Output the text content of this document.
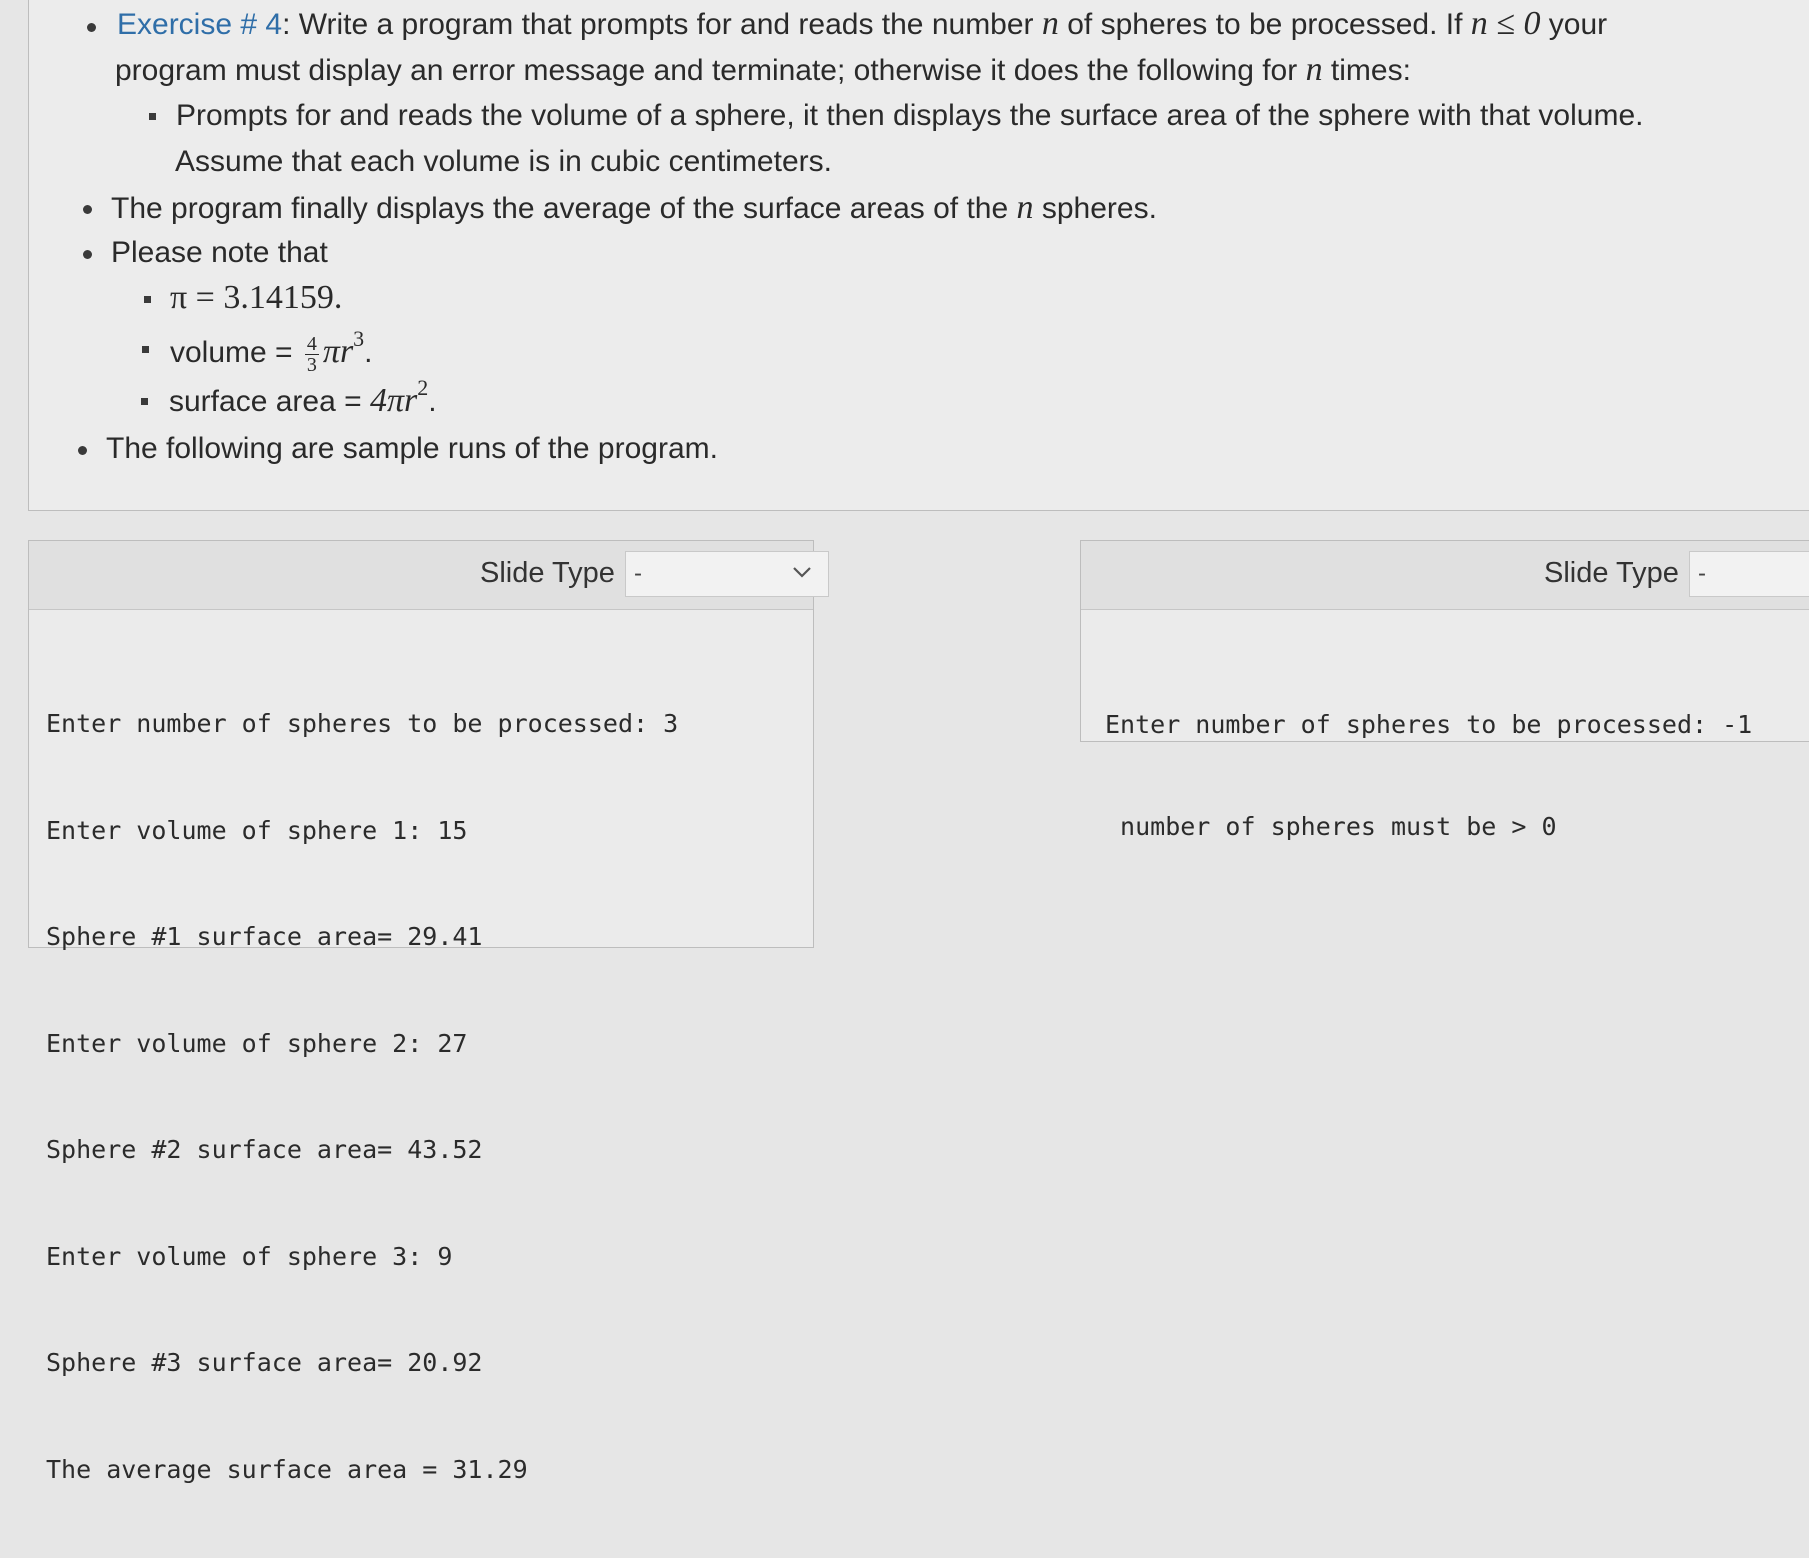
Exercise # 4: Write a program that prompts for and reads the number n of spheres to be processed. If n ≤ 0 your
program must display an error message and terminate; otherwise it does the following for n times:
Prompts for and reads the volume of a sphere, it then displays the surface area of the sphere with that volume.
Assume that each volume is in cubic centimeters.
The program finally displays the average of the surface areas of the n spheres.
Please note that
π = 3.14159.
volume = $\frac{4}{3} \pi r^3$.
surface area = $4\pi r^2$.
The following are sample runs of the program.
Slide Type -

Enter number of spheres to be processed: 3

Enter volume of sphere 1: 15

Sphere #1 surface area= 29.41

Enter volume of sphere 2: 27

Sphere #2 surface area= 43.52

Enter volume of sphere 3: 9

Sphere #3 surface area= 20.92

The average surface area = 31.29

Slide Type -

Enter number of spheres to be processed: -1

number of spheres must be > 0
